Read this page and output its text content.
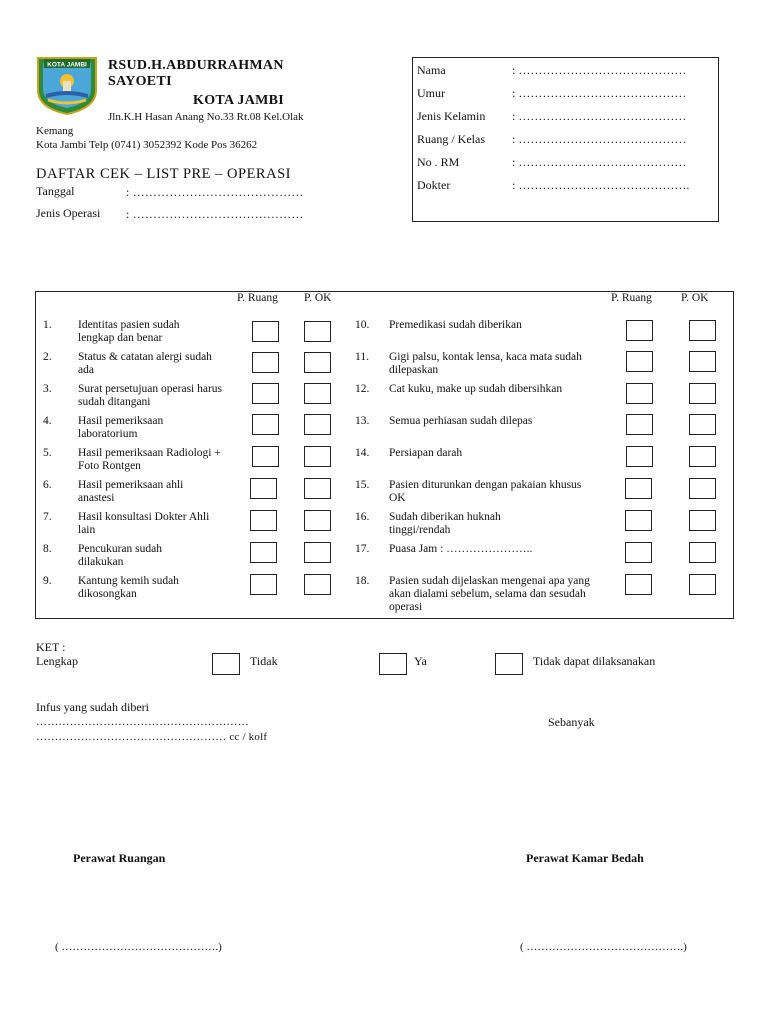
KOTA JAMBI RSUD.H.ABDURRAHMAN
SAYOETI
KOTA JAMBI
Jln.K.H Hasan Anang No.33 Rt.08 Kel.Olak
Kemang
Kota Jambi Telp (0741) 3052392 Kode Pos 36262
DAFTAR CEK – LIST PRE – OPERASI
Tanggal	: ……………………………………
Jenis Operasi : ……………………………………
Nama	: ……………………………………
Umur	: ……………………………………
Jenis Kelamin : ……………………………………
Ruang / Kelas : ……………………………………
No . RM	: ……………………………………
Dokter	: …………………………………….
P. Ruang P. OK	P. Ruang	P. OK
1. Identitas pasien sudah lengkap dan benar
2. Status & catatan alergi sudah ada
3. Surat persetujuan operasi harus sudah ditangani
4. Hasil pemeriksaan laboratorium
5. Hasil pemeriksaan Radiologi + Foto Rontgen
6. Hasil pemeriksaan ahli anastesi
7. Hasil konsultasi Dokter Ahli lain
8. Pencukuran sudah dilakukan
9. Kantung kemih sudah dikosongkan
10. Premedikasi sudah diberikan
11. Gigi palsu, kontak lensa, kaca mata sudah dilepaskan
12. Cat kuku, make up sudah dibersihkan
13. Semua perhiasan sudah dilepas
14. Persiapan darah
15. Pasien diturunkan dengan pakaian khusus OK
16. Sudah diberikan huknah tinggi/rendah
17. Puasa Jam : …………………..
18. Pasien sudah dijelaskan mengenai apa yang akan dialami sebelum, selama dan sesudah operasi
KET :
Lengkap	Tidak	Ya	Tidak dapat dilaksanakan
Infus yang sudah diberi
…………………………………………………
…………………………………………… cc / kolf
Sebanyak
Perawat Ruangan	Perawat Kamar Bedah
( …………………………………….)	( …………………………………….)
